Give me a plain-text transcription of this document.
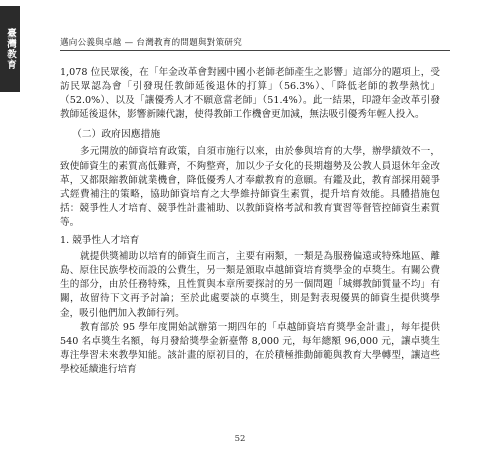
臺灣教育	邁向公義與卓越 — 台灣教育的問題與對策研究

1,078 位民眾後，在「年金改革會對國中國小老師老師產生之影響」這部分的題項上，受訪民眾認為會「引發現任教師延後退休的打算」（56.3%）、「降低老師的教學熱忱」（52.0%）、以及「讓優秀人才不願意當老師」（51.4%）。此一結果，印證年金改革引發教師延後退休，影響新陳代謝，使得教師工作機會更加減，無法吸引優秀年輕人投入。

（二）政府因應措施

多元開放的師資培育政策，自須市施行以來，由於參與培育的大學，辦學績效不一，致使師資生的素質高低難齊，不夠整齊，加以少子女化的長期趨勢及公教人員退休年金改革，又都限縮教師就業機會，降低優秀人才奉獻教育的意願。有鑑及此，教育部採用競爭式經費補注的策略，協助師資培育之大學維持師資生素質，提升培育效能。具體措施包括：競爭性人才培育、競爭性計畫補助、以教師資格考試和教育實習等督管控師資生素質等。

1. 競爭性人才培育

就提供獎補助以培育的師資生而言，主要有兩類，一類是為服務偏遠或特殊地區、離島、原住民族學校而設的公費生，另一類是頒取卓越師資培育獎學金的卓獎生。有關公費生的部分，由於任務特殊，且性質與本章所要探討的另一個問題「城鄉教師質量不均」有關，故留待下文再予討論；至於此處要談的卓獎生，則是對表現優異的師資生提供獎學金，吸引他們加入教師行列。

教育部於 95 學年度開始試辦第一期四年的「卓越師資培育獎學金計畫」，每年提供 540 名卓獎生名額，每月發給獎學金新臺幣 8,000 元，每年總額 96,000 元，讓卓獎生專注學習未來教學知能。該計畫的原初目的，在於積極推動師範與教育大學轉型，讓這些學校延續進行培育

52
